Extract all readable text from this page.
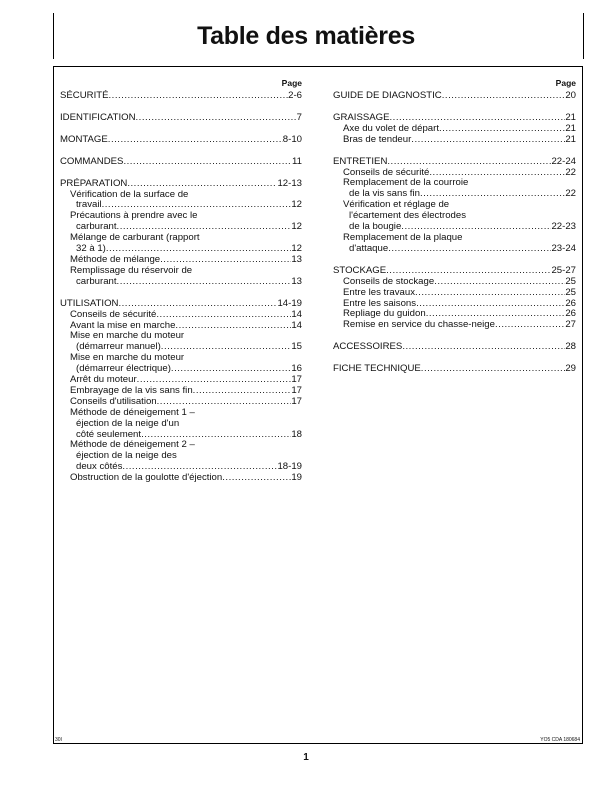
Table des matières
Page
SÉCURITÉ .....	2-6
IDENTIFICATION .....	7
MONTAGE .....	8-10
COMMANDES .....	11
PRÉPARATION .....	12-13
Vérification de la surface de
travail .....	12
Précautions à prendre avec le
carburant .....	12
Mélange de carburant (rapport
32 à 1) .....	12
Méthode de mélange .....	13
Remplissage du réservoir de
carburant .....	13
UTILISATION .....	14-19
Conseils de sécurité .....	14
Avant la mise en marche .....	14
Mise en marche du moteur
(démarreur manuel) .....	15
Mise en marche du moteur
(démarreur électrique) .....	16
Arrêt du moteur .....	17
Embrayage de la vis sans fin .....	17
Conseils d'utilisation .....	17
Méthode de déneigement 1 –
éjection de la neige d'un
côté seulement .....	18
Méthode de déneigement 2 –
éjection de la neige des
deux côtés .....	18-19
Obstruction de la goulotte d'éjection .....	19
Page
GUIDE DE DIAGNOSTIC .....	20
GRAISSAGE .....	21
Axe du volet de départ .....	21
Bras de tendeur .....	21
ENTRETIEN .....	22-24
Conseils de sécurité .....	22
Remplacement de la courroie
de la vis sans fin .....	22
Vérification et réglage de
l'écartement des électrodes
de la bougie .....	22-23
Remplacement de la plaque
d'attaque .....	23-24
STOCKAGE .....	25-27
Conseils de stockage .....	25
Entre les travaux .....	25
Entre les saisons .....	26
Repliage du guidon .....	26
Remise en service du chasse-neige .....	27
ACCESSOIRES .....	28
FICHE TECHNIQUE .....	29
30I	YO5 CDA 180684
1
